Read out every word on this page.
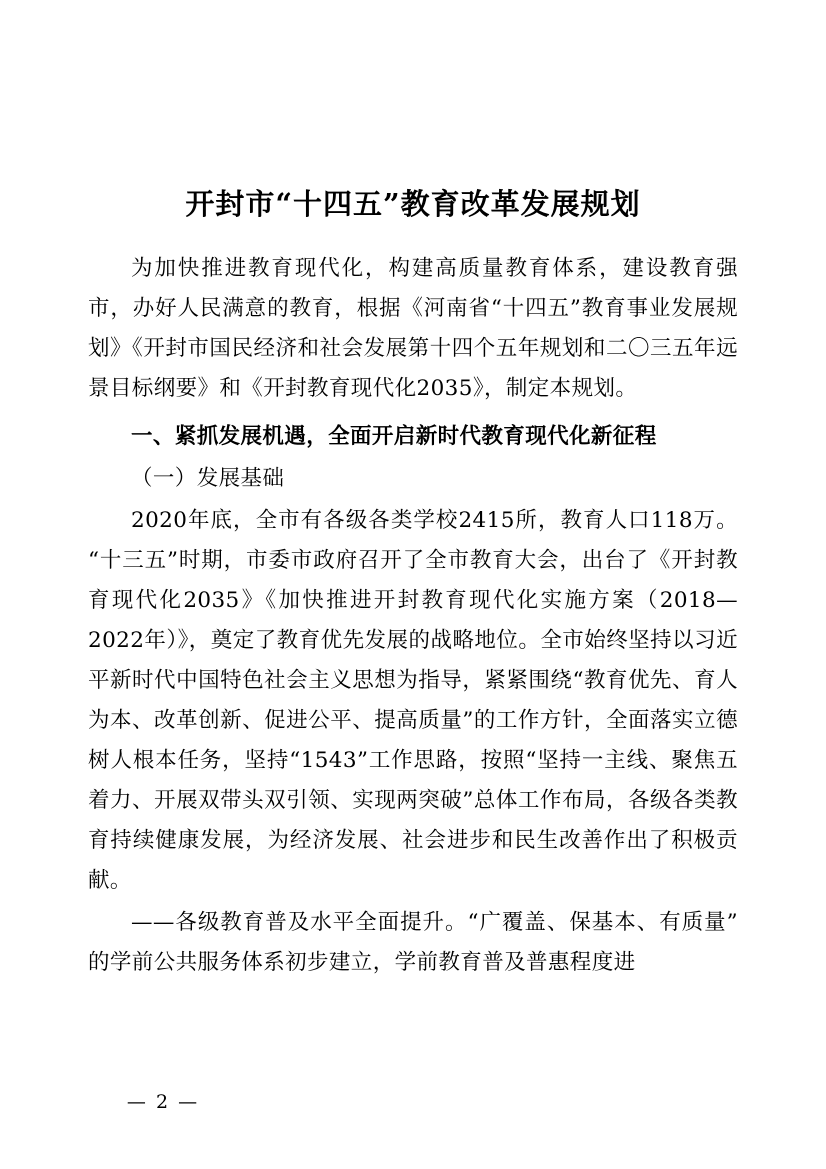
开封市“十四五”教育改革发展规划

为加快推进教育现代化，构建高质量教育体系，建设教育强市，办好人民满意的教育，根据《河南省“十四五”教育事业发展规划》《开封市国民经济和社会发展第十四个五年规划和二〇三五年远景目标纲要》和《开封教育现代化2035》，制定本规划。

一、紧抓发展机遇，全面开启新时代教育现代化新征程

（一）发展基础

2020年底，全市有各级各类学校2415所，教育人口118万。“十三五”时期，市委市政府召开了全市教育大会，出台了《开封教育现代化2035》《加快推进开封教育现代化实施方案（2018—2022年）》，奠定了教育优先发展的战略地位。全市始终坚持以习近平新时代中国特色社会主义思想为指导，紧紧围绕“教育优先、育人为本、改革创新、促进公平、提高质量”的工作方针，全面落实立德树人根本任务，坚持“1543”工作思路，按照“坚持一主线、聚焦五着力、开展双带头双引领、实现两突破”总体工作布局，各级各类教育持续健康发展，为经济发展、社会进步和民生改善作出了积极贡献。

——各级教育普及水平全面提升。“广覆盖、保基本、有质量”的学前公共服务体系初步建立，学前教育普及普惠程度进

— 2 —
